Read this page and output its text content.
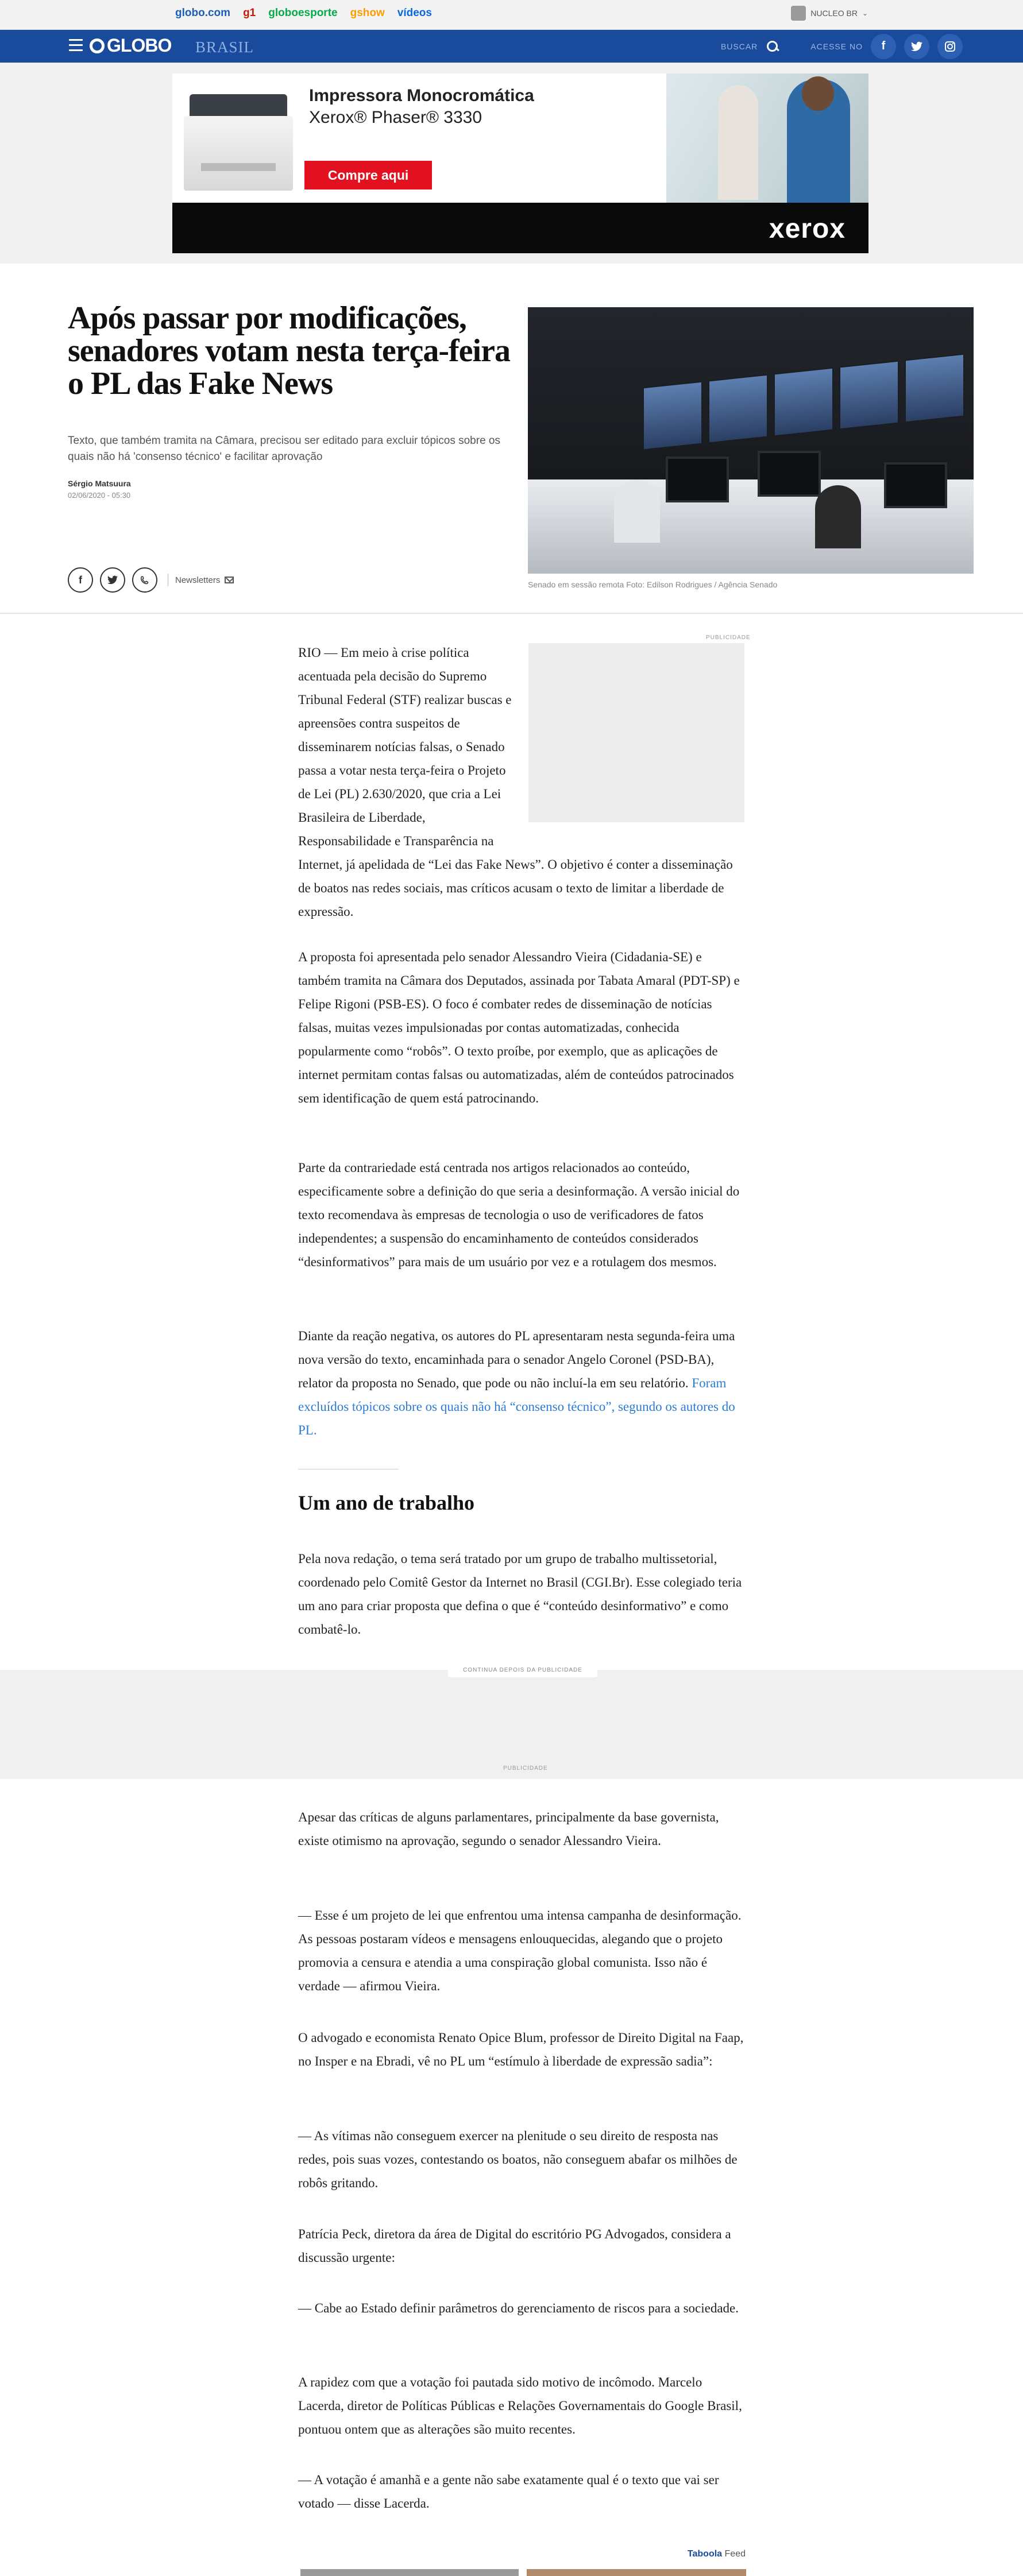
globo.com g1 globoesporte gshow vídeos	NUCLEO BR ⌄
GLOBO BRASIL	BUSCAR	ACESSE NO	f
Impressora Monocromática
Xerox® Phaser® 3330
Compre aqui
xerox
Após passar por modificações, senadores votam nesta terça-feira o PL das Fake News

Texto, que também tramita na Câmara, precisou ser editado para excluir tópicos sobre os quais não há 'consenso técnico' e facilitar aprovação

Sérgio Matsuura
02/06/2020 - 05:30
f	Newsletters	Senado em sessão remota Foto: Edilson Rodrigues / Agência Senado
PUBLICIDADE
RIO — Em meio à crise política acentuada pela decisão do Supremo Tribunal Federal (STF) realizar buscas e apreensões contra suspeitos de disseminarem notícias falsas, o Senado passa a votar nesta terça-feira o Projeto de Lei (PL) 2.630/2020, que cria a Lei Brasileira de Liberdade, Responsabilidade e Transparência na Internet, já apelidada de “Lei das Fake News”. O objetivo é conter a disseminação de boatos nas redes sociais, mas críticos acusam o texto de limitar a liberdade de expressão.

A proposta foi apresentada pelo senador Alessandro Vieira (Cidadania-SE) e também tramita na Câmara dos Deputados, assinada por Tabata Amaral (PDT-SP) e Felipe Rigoni (PSB-ES). O foco é combater redes de disseminação de notícias falsas, muitas vezes impulsionadas por contas automatizadas, conhecida popularmente como “robôs”. O texto proíbe, por exemplo, que as aplicações de internet permitam contas falsas ou automatizadas, além de conteúdos patrocinados sem identificação de quem está patrocinando.

Parte da contrariedade está centrada nos artigos relacionados ao conteúdo, especificamente sobre a definição do que seria a desinformação. A versão inicial do texto recomendava às empresas de tecnologia o uso de verificadores de fatos independentes; a suspensão do encaminhamento de conteúdos considerados “desinformativos” para mais de um usuário por vez e a rotulagem dos mesmos.

Diante da reação negativa, os autores do PL apresentaram nesta segunda-feira uma nova versão do texto, encaminhada para o senador Angelo Coronel (PSD-BA), relator da proposta no Senado, que pode ou não incluí-la em seu relatório. Foram excluídos tópicos sobre os quais não há “consenso técnico”, segundo os autores do PL.

Um ano de trabalho

Pela nova redação, o tema será tratado por um grupo de trabalho multissetorial, coordenado pelo Comitê Gestor da Internet no Brasil (CGI.Br). Esse colegiado teria um ano para criar proposta que defina o que é “conteúdo desinformativo” e como combatê-lo.

CONTINUA DEPOIS DA PUBLICIDADE
PUBLICIDADE

Apesar das críticas de alguns parlamentares, principalmente da base governista, existe otimismo na aprovação, segundo o senador Alessandro Vieira.

— Esse é um projeto de lei que enfrentou uma intensa campanha de desinformação. As pessoas postaram vídeos e mensagens enlouquecidas, alegando que o projeto promovia a censura e atendia a uma conspiração global comunista. Isso não é verdade — afirmou Vieira.

O advogado e economista Renato Opice Blum, professor de Direito Digital na Faap, no Insper e na Ebradi, vê no PL um “estímulo à liberdade de expressão sadia”:

— As vítimas não conseguem exercer na plenitude o seu direito de resposta nas redes, pois suas vozes, contestando os boatos, não conseguem abafar os milhões de robôs gritando.

Patrícia Peck, diretora da área de Digital do escritório PG Advogados, considera a discussão urgente:

— Cabe ao Estado definir parâmetros do gerenciamento de riscos para a sociedade.

A rapidez com que a votação foi pautada sido motivo de incômodo. Marcelo Lacerda, diretor de Políticas Públicas e Relações Governamentais do Google Brasil, pontuou ontem que as alterações são muito recentes.

— A votação é amanhã e a gente não sabe exatamente qual é o texto que vai ser votado — disse Lacerda.

Taboola Feed
